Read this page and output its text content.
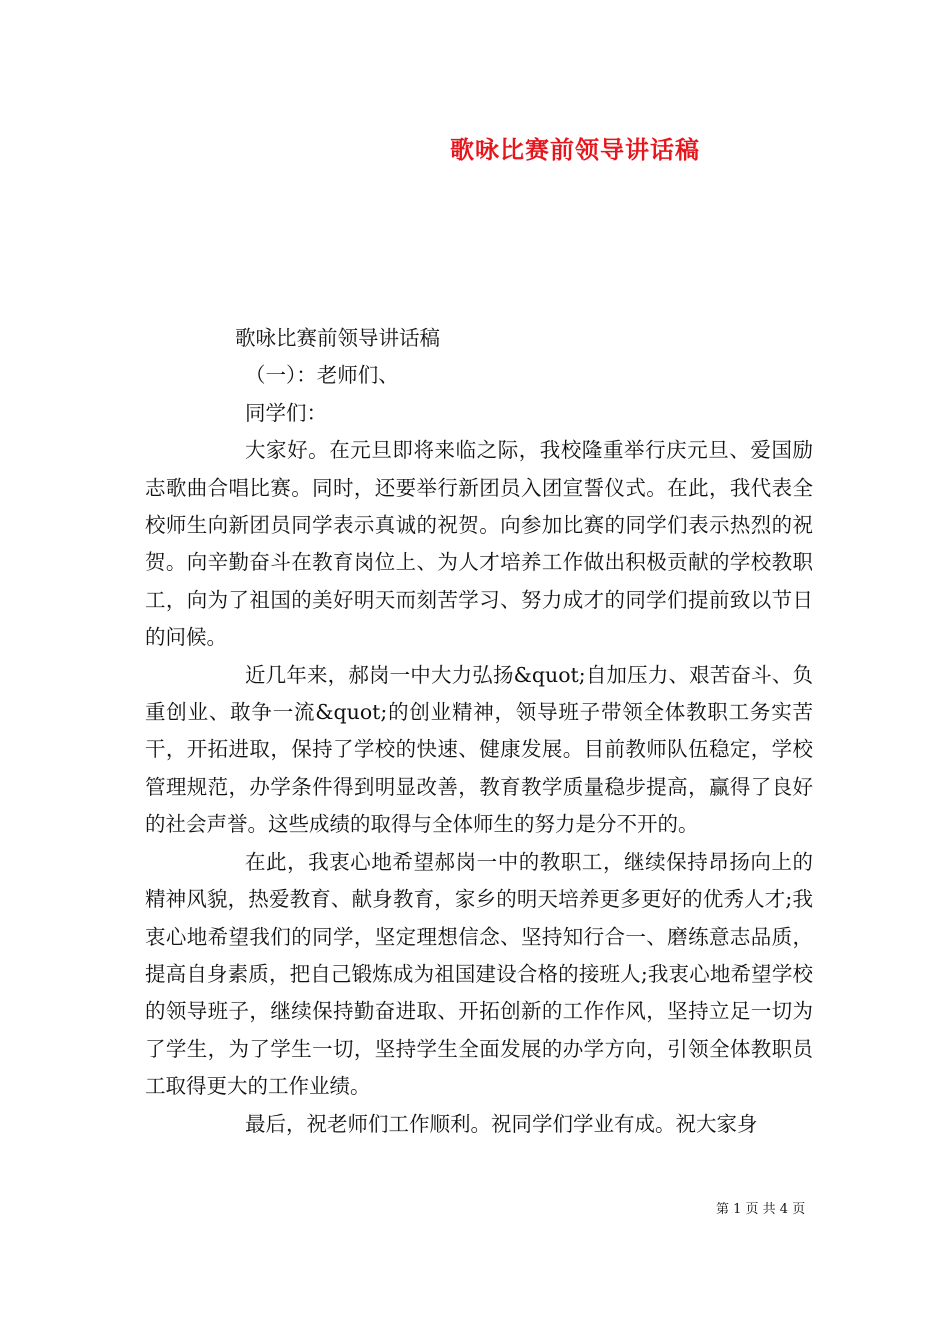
歌咏比赛前领导讲话稿

歌咏比赛前领导讲话稿

（一）：老师们、

同学们：

大家好。在元旦即将来临之际，我校隆重举行庆元旦、爱国励志歌曲合唱比赛。同时，还要举行新团员入团宣誓仪式。在此，我代表全校师生向新团员同学表示真诚的祝贺。向参加比赛的同学们表示热烈的祝贺。向辛勤奋斗在教育岗位上、为人才培养工作做出积极贡献的学校教职工，向为了祖国的美好明天而刻苦学习、努力成才的同学们提前致以节日的问候。

近几年来，郝岗一中大力弘扬&quot;自加压力、艰苦奋斗、负重创业、敢争一流&quot;的创业精神，领导班子带领全体教职工务实苦干，开拓进取，保持了学校的快速、健康发展。目前教师队伍稳定，学校管理规范，办学条件得到明显改善，教育教学质量稳步提高，赢得了良好的社会声誉。这些成绩的取得与全体师生的努力是分不开的。

在此，我衷心地希望郝岗一中的教职工，继续保持昂扬向上的精神风貌，热爱教育、献身教育，家乡的明天培养更多更好的优秀人才;我衷心地希望我们的同学，坚定理想信念、坚持知行合一、磨练意志品质，提高自身素质，把自己锻炼成为祖国建设合格的接班人;我衷心地希望学校的领导班子，继续保持勤奋进取、开拓创新的工作作风，坚持立足一切为了学生，为了学生一切，坚持学生全面发展的办学方向，引领全体教职员工取得更大的工作业绩。

最后，祝老师们工作顺利。祝同学们学业有成。祝大家身

第 1 页 共 4 页
